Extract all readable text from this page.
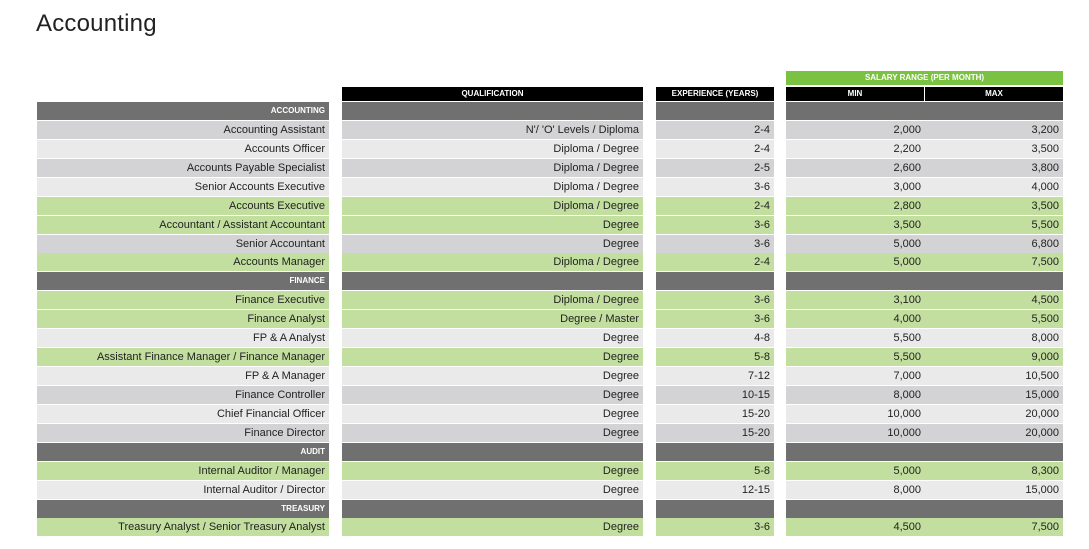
Accounting
SALARY RANGE (PER MONTH)
QUALIFICATION	EXPERIENCE (YEARS)	MIN	MAX
ACCOUNTING
Accounting Assistant	N'/ 'O' Levels / Diploma	2-4	2,000	3,200
Accounts Officer	Diploma / Degree	2-4	2,200	3,500
Accounts Payable Specialist	Diploma / Degree	2-5	2,600	3,800
Senior Accounts Executive	Diploma / Degree	3-6	3,000	4,000
Accounts Executive	Diploma / Degree	2-4	2,800	3,500
Accountant / Assistant Accountant	Degree	3-6	3,500	5,500
Senior Accountant	Degree	3-6	5,000	6,800
Accounts Manager	Diploma / Degree	2-4	5,000	7,500
FINANCE
Finance Executive	Diploma / Degree	3-6	3,100	4,500
Finance Analyst	Degree / Master	3-6	4,000	5,500
FP & A Analyst	Degree	4-8	5,500	8,000
Assistant Finance Manager / Finance Manager	Degree	5-8	5,500	9,000
FP & A Manager	Degree	7-12	7,000	10,500
Finance Controller	Degree	10-15	8,000	15,000
Chief Financial Officer	Degree	15-20	10,000	20,000
Finance Director	Degree	15-20	10,000	20,000
AUDIT
Internal Auditor / Manager	Degree	5-8	5,000	8,300
Internal Auditor / Director	Degree	12-15	8,000	15,000
TREASURY
Treasury Analyst / Senior Treasury Analyst	Degree	3-6	4,500	7,500
